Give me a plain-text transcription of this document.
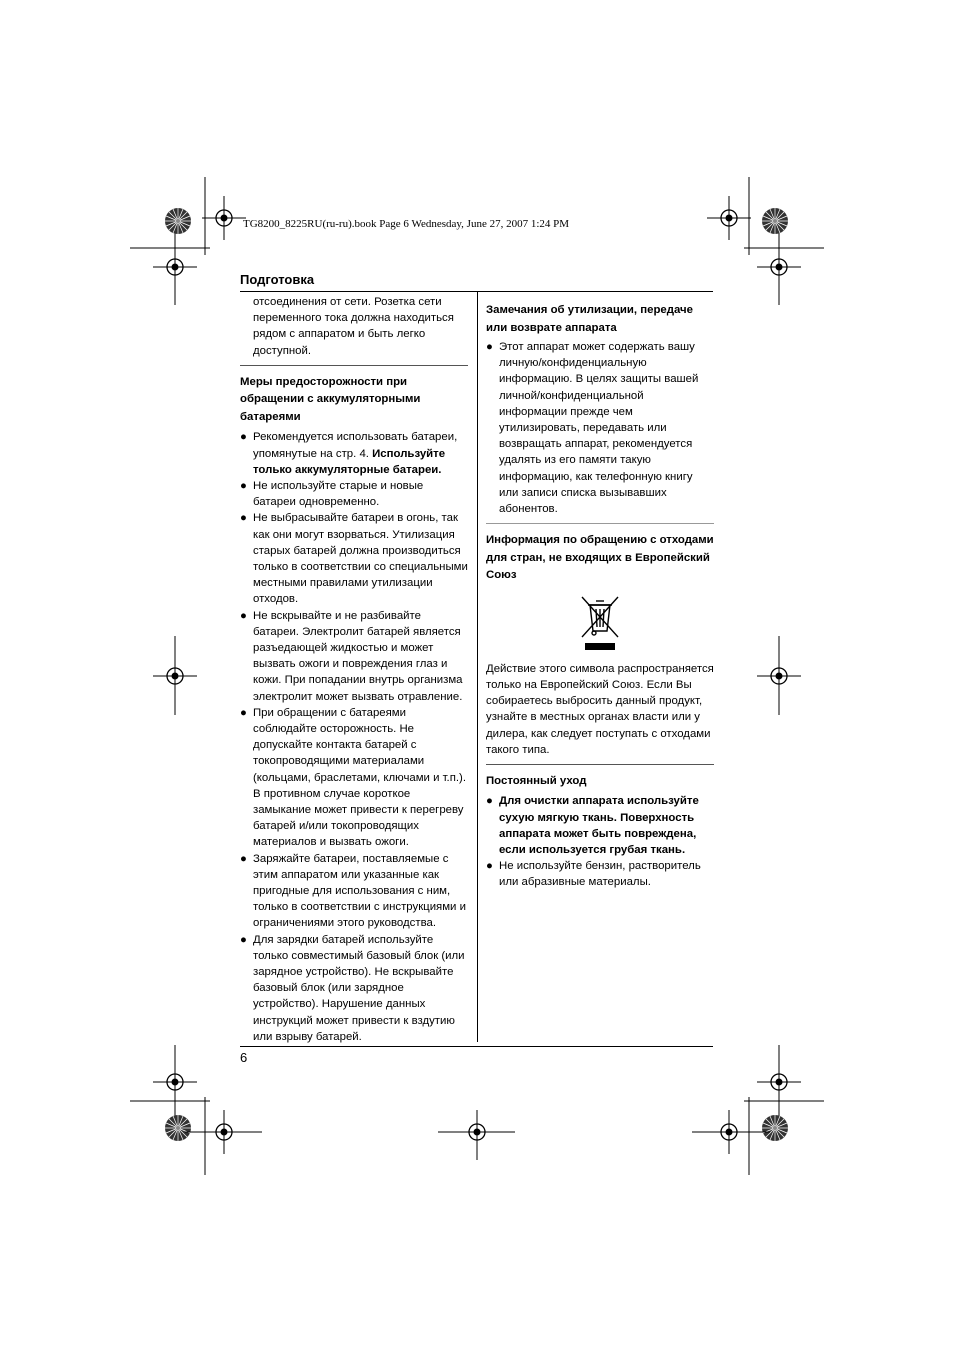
TG8200_8225RU(ru-ru).book Page 6 Wednesday, June 27, 2007 1:24 PM
Подготовка

отсоединения от сети. Розетка сети переменного тока должна находиться рядом с аппаратом и быть легко доступной.

Меры предосторожности при обращении с аккумуляторными батареями

● Рекомендуется использовать батареи, упомянутые на стр. 4. Используйте только аккумуляторные батареи.
● Не используйте старые и новые батареи одновременно.
● Не выбрасывайте батареи в огонь, так как они могут взорваться. Утилизация старых батарей должна производиться только в соответствии со специальными местными правилами утилизации отходов.
● Не вскрывайте и не разбивайте батареи. Электролит батарей является разъедающей жидкостью и может вызвать ожоги и повреждения глаз и кожи. При попадании внутрь организма электролит может вызвать отравление.
● При обращении с батареями соблюдайте осторожность. Не допускайте контакта батарей с токопроводящими материалами (кольцами, браслетами, ключами и т.п.). В противном случае короткое замыкание может привести к перегреву батарей и/или токопроводящих материалов и вызвать ожоги.
● Заряжайте батареи, поставляемые с этим аппаратом или указанные как пригодные для использования с ним, только в соответствии с инструкциями и ограничениями этого руководства.
● Для зарядки батарей используйте только совместимый базовый блок (или зарядное устройство). Не вскрывайте базовый блок (или зарядное устройство). Нарушение данных инструкций может привести к вздутию или взрыву батарей.

Замечания об утилизации, передаче или возврате аппарата

● Этот аппарат может содержать вашу личную/конфиденциальную информацию. В целях защиты вашей личной/конфиденциальной информации прежде чем утилизировать, передавать или возвращать аппарат, рекомендуется удалять из его памяти такую информацию, как телефонную книгу или записи списка вызывавших абонентов.

Информация по обращению с отходами для стран, не входящих в Европейский Союз

Действие этого символа распространяется только на Европейский Союз. Если Вы собираетесь выбросить данный продукт, узнайте в местных органах власти или у дилера, как следует поступать с отходами такого типа.

Постоянный уход

● Для очистки аппарата используйте сухую мягкую ткань. Поверхность аппарата может быть повреждена, если используется грубая ткань.
● Не используйте бензин, растворитель или абразивные материалы.
6
